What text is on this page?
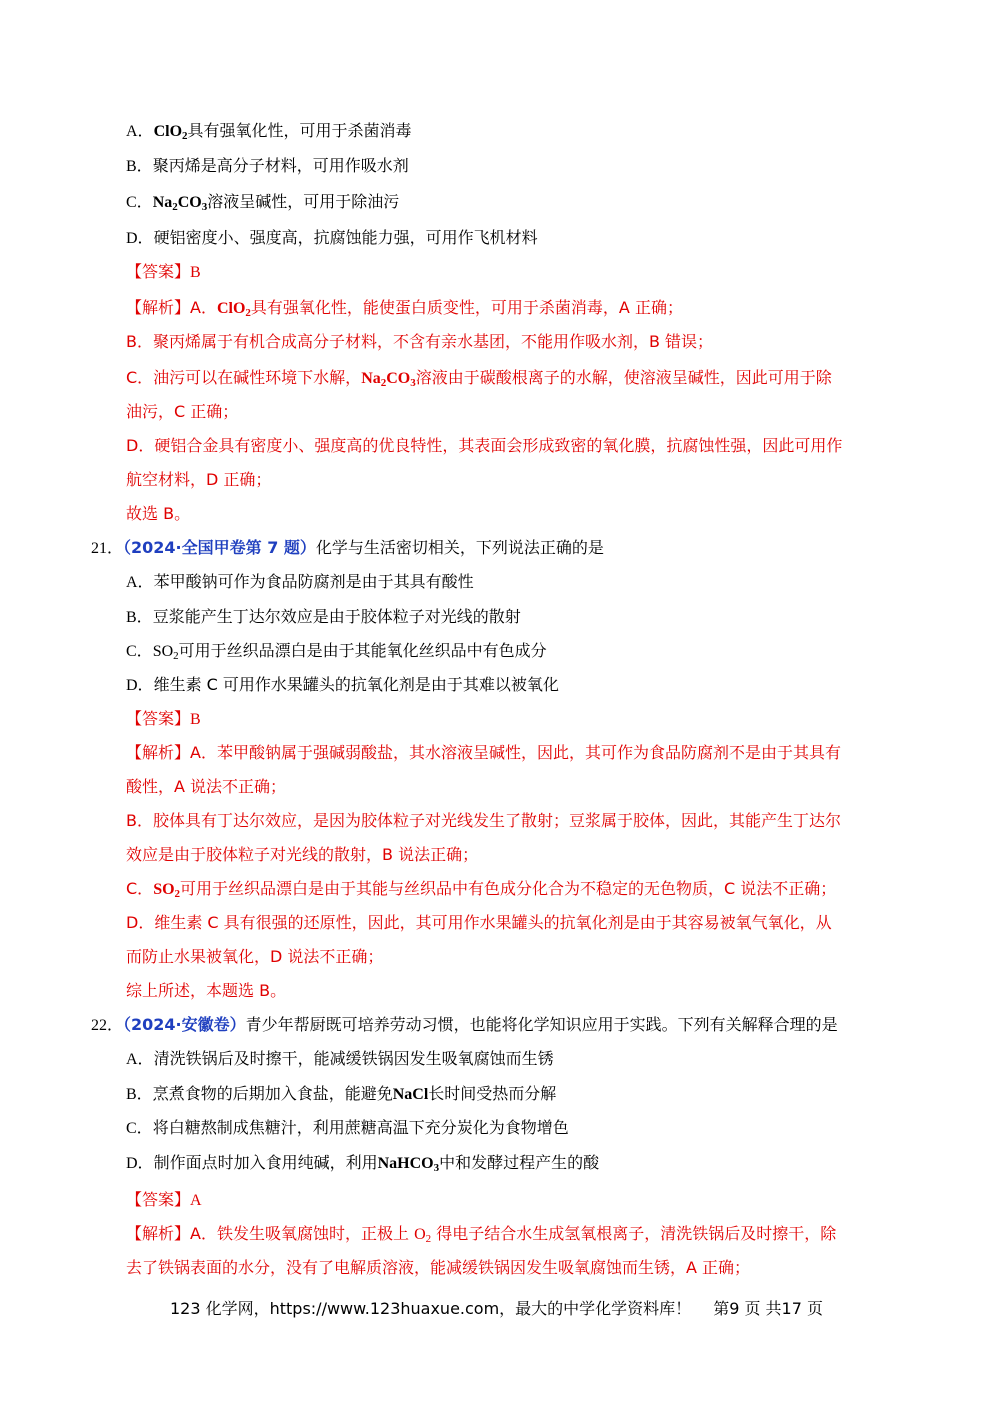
A．ClO$_2$具有强氧化性，可用于杀菌消毒
B．聚丙烯是高分子材料，可用作吸水剂
C．$Na_2CO_3$溶液呈碱性，可用于除油污
D．硬铝密度小、强度高，抗腐蚀能力强，可用作飞机材料
【答案】B
【解析】A．ClO$_2$具有强氧化性，能使蛋白质变性，可用于杀菌消毒，A 正确；
B．聚丙烯属于有机合成高分子材料，不含有亲水基团，不能用作吸水剂，B 错误；
C．油污可以在碱性环境下水解，$Na_2CO_3$溶液由于碳酸根离子的水解，使溶液呈碱性，因此可用于除
油污，C 正确；
D．硬铝合金具有密度小、强度高的优良特性，其表面会形成致密的氧化膜，抗腐蚀性强，因此可用作
航空材料，D 正确；
故选 B。
21．（2024·全国甲卷第 7 题）化学与生活密切相关，下列说法正确的是
A．苯甲酸钠可作为食品防腐剂是由于其具有酸性
B．豆浆能产生丁达尔效应是由于胶体粒子对光线的散射
C．$SO_2$可用于丝织品漂白是由于其能氧化丝织品中有色成分
D．维生素 C 可用作水果罐头的抗氧化剂是由于其难以被氧化
【答案】B
【解析】A．苯甲酸钠属于强碱弱酸盐，其水溶液呈碱性，因此，其可作为食品防腐剂不是由于其具有
酸性，A 说法不正确；
B．胶体具有丁达尔效应，是因为胶体粒子对光线发生了散射；豆浆属于胶体，因此，其能产生丁达尔
效应是由于胶体粒子对光线的散射，B 说法正确；
C．$SO_2$可用于丝织品漂白是由于其能与丝织品中有色成分化合为不稳定的无色物质，C 说法不正确；
D．维生素 C 具有很强的还原性，因此，其可用作水果罐头的抗氧化剂是由于其容易被氧气氧化，从
而防止水果被氧化，D 说法不正确；
综上所述，本题选 B。
22．（2024·安徽卷）青少年帮厨既可培养劳动习惯，也能将化学知识应用于实践。下列有关解释合理的是
A．清洗铁锅后及时擦干，能减缓铁锅因发生吸氧腐蚀而生锈
B．烹煮食物的后期加入食盐，能避免NaCl长时间受热而分解
C．将白糖熬制成焦糖汁，利用蔗糖高温下充分炭化为食物增色
D．制作面点时加入食用纯碱，利用NaHCO$_3$中和发酵过程产生的酸
【答案】A
【解析】A．铁发生吸氧腐蚀时，正极上 $O_2$ 得电子结合水生成氢氧根离子，清洗铁锅后及时擦干，除
去了铁锅表面的水分，没有了电解质溶液，能减缓铁锅因发生吸氧腐蚀而生锈，A 正确；
123 化学网，https://www.123huaxue.com，最大的中学化学资料库！ 第9 页 共17 页
